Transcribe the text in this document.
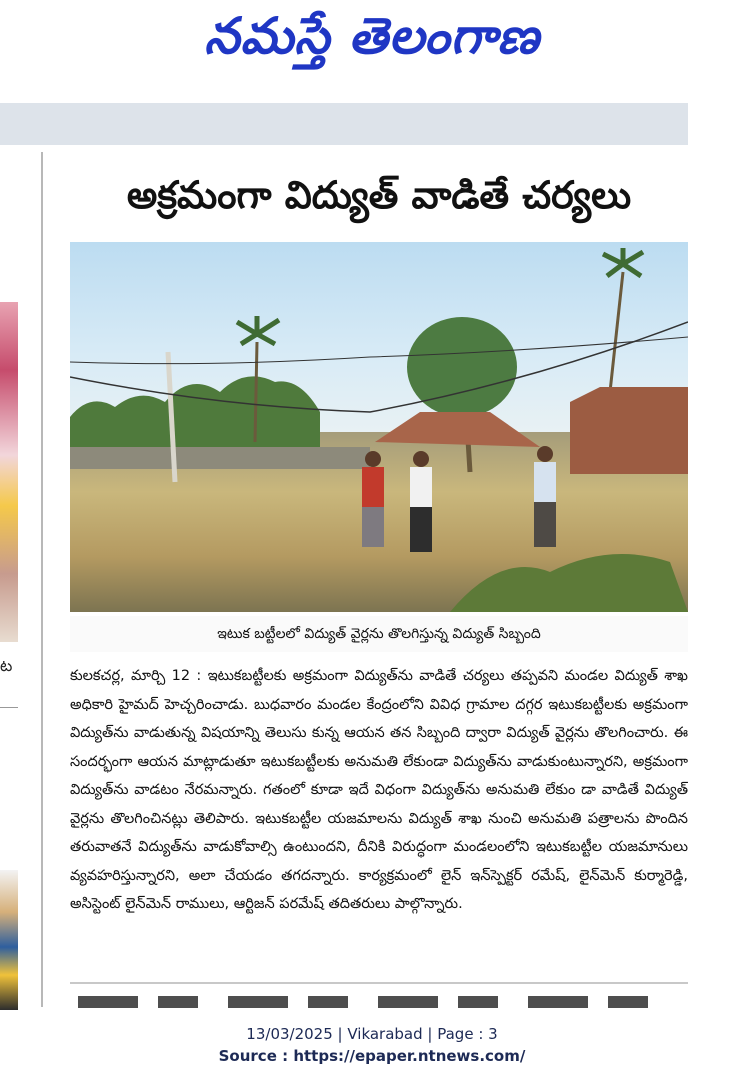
నమస్తే తెలంగాణ
ట
అక్రమంగా విద్యుత్‌ వాడితే చర్యలు
ఇటుక బట్టీలలో విద్యుత్‌ వైర్లను తొలగిస్తున్న విద్యుత్‌ సిబ్బంది

కులకచర్ల, మార్చి 12 : ఇటుకబట్టీలకు అక్రమంగా విద్యుత్‌ను వాడితే చర్యలు తప్పవని మండల విద్యుత్‌ శాఖ అధికారి హైమద్‌ హెచ్చరించాడు. బుధవారం మండల కేంద్రంలోని వివిధ గ్రామాల దగ్గర ఇటుకబట్టీలకు అక్రమంగా విద్యుత్‌ను వాడుతున్న విషయాన్ని తెలుసు కున్న ఆయన తన సిబ్బంది ద్వారా విద్యుత్‌ వైర్లను తొలగించారు. ఈ సందర్భంగా ఆయన మాట్లాడుతూ ఇటుకబట్టీలకు అనుమతి లేకుండా విద్యుత్‌ను వాడుకుంటున్నారని, అక్రమంగా విద్యుత్‌ను వాడటం నేరమన్నారు. గతంలో కూడా ఇదే విధంగా విద్యుత్‌ను అనుమతి లేకుం డా వాడితే విద్యుత్‌ వైర్లను తొలగించినట్లు తెలిపారు. ఇటుకబట్టీల యజమాలను విద్యుత్‌ శాఖ నుంచి అనుమతి పత్రాలను పొందిన తరువాతనే విద్యుత్‌ను వాడుకోవాల్సి ఉంటుందని, దీనికి విరుద్ధంగా మండలంలోని ఇటుకబట్టీల యజమానులు వ్యవహరిస్తున్నారని, అలా చేయడం తగదన్నారు. కార్యక్రమంలో లైన్‌ ఇన్‌స్పెక్టర్‌ రమేష్‌, లైన్‌మెన్‌ కుర్మారెడ్డి, అసిస్టెంట్‌ లైన్‌మెన్‌ రాములు, ఆర్టిజన్‌ పరమేష్‌ తదితరులు పాల్గొన్నారు.

13/03/2025 | Vikarabad | Page : 3
Source : https://epaper.ntnews.com/
